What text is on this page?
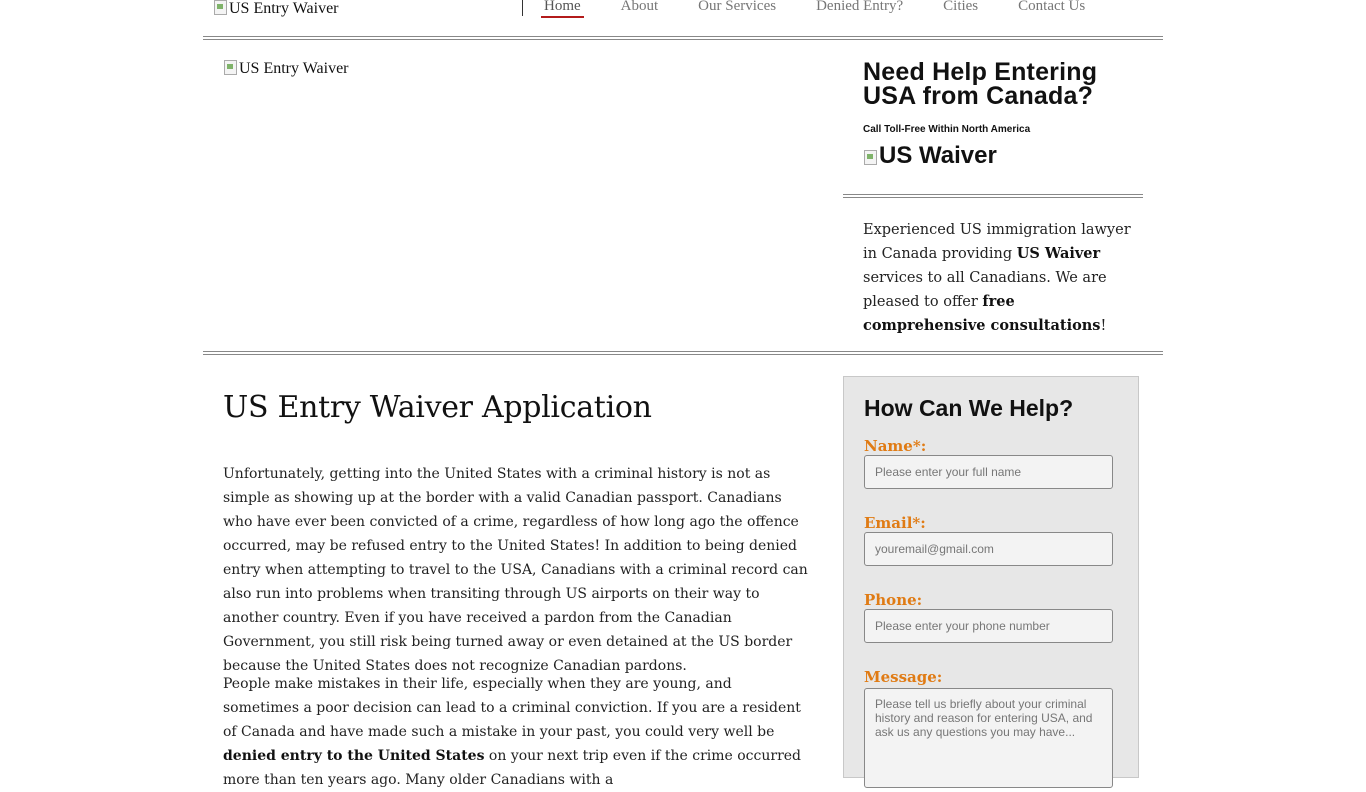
US Entry Waiver	Home	About	Our Services	Denied Entry?	Cities	Contact Us
US Entry Waiver	Need Help Entering USA from Canada?
Call Toll-Free Within North America
US Waiver
Experienced US immigration lawyer in Canada providing US Waiver services to all Canadians. We are pleased to offer free comprehensive consultations!
US Entry Waiver Application

Unfortunately, getting into the United States with a criminal history is not as simple as showing up at the border with a valid Canadian passport. Canadians who have ever been convicted of a crime, regardless of how long ago the offence occurred, may be refused entry to the United States! In addition to being denied entry when attempting to travel to the USA, Canadians with a criminal record can also run into problems when transiting through US airports on their way to another country. Even if you have received a pardon from the Canadian Government, you still risk being turned away or even detained at the US border because the United States does not recognize Canadian pardons.

People make mistakes in their life, especially when they are young, and sometimes a poor decision can lead to a criminal conviction. If you are a resident of Canada and have made such a mistake in your past, you could very well be denied entry to the United States on your next trip even if the crime occurred more than ten years ago. Many older Canadians with a

How Can We Help?
Name*:
Please enter your full name
Email*:
youremail@gmail.com
Phone:
Please enter your phone number
Message:
Please tell us briefly about your criminal history and reason for entering USA, and ask us any questions you may have...
